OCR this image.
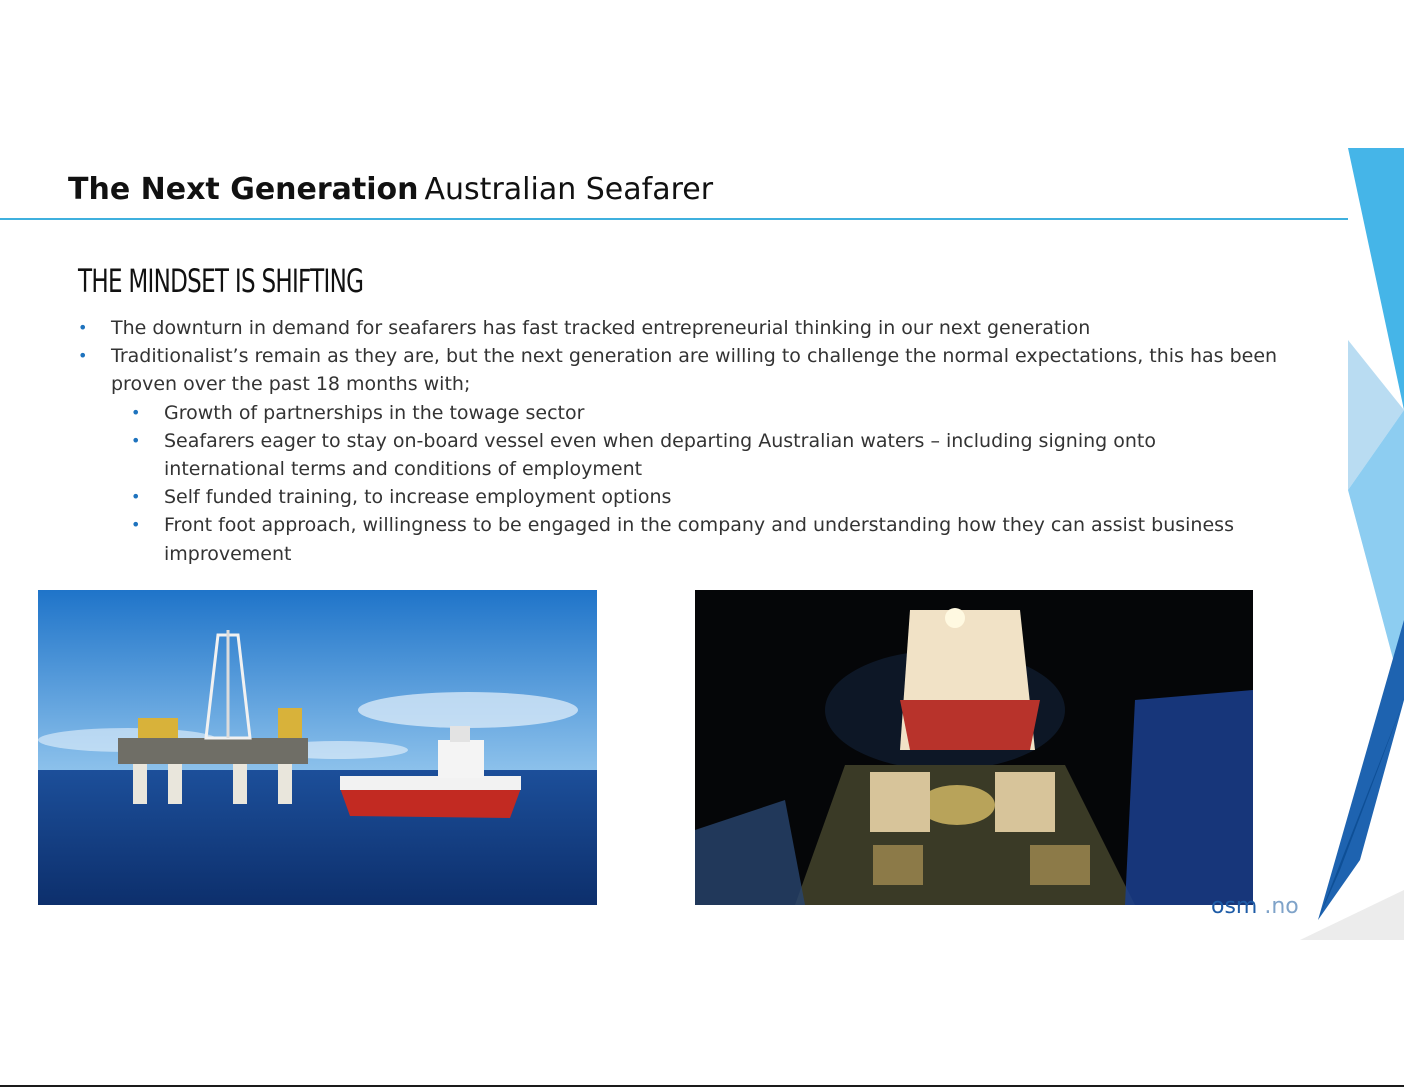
The Next Generation Australian Seafarer
THE MINDSET IS SHIFTING
• The downturn in demand for seafarers has fast tracked entrepreneurial thinking in our next generation
• Traditionalist’s remain as they are, but the next generation are willing to challenge the normal expectations, this has been proven over the past 18 months with;
• Growth of partnerships in the towage sector
• Seafarers eager to stay on-board vessel even when departing Australian waters – including signing onto international terms and conditions of employment
• Self funded training, to increase employment options
• Front foot approach, willingness to be engaged in the company and understanding how they can assist business improvement
osm .no
